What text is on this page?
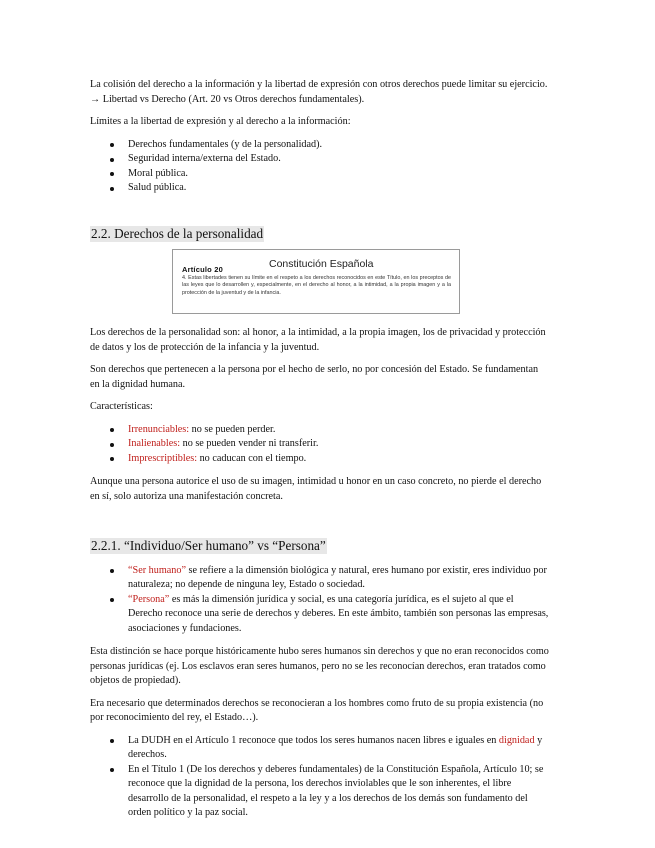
La colisión del derecho a la información y la libertad de expresión con otros derechos puede limitar su ejercicio. → Libertad vs Derecho (Art. 20 vs Otros derechos fundamentales).

Límites a la libertad de expresión y al derecho a la información:

Derechos fundamentales (y de la personalidad).
Seguridad interna/externa del Estado.
Moral pública.
Salud pública.
2.2. Derechos de la personalidad
Artículo 20	Constitución Española
4. Estas libertades tienen su límite en el respeto a los derechos reconocidos en este Título, en los preceptos de las leyes que lo desarrollen y, especialmente, en el derecho al honor, a la intimidad, a la propia imagen y a la protección de la juventud y de la infancia.

Los derechos de la personalidad son: al honor, a la intimidad, a la propia imagen, los de privacidad y protección de datos y los de protección de la infancia y la juventud.

Son derechos que pertenecen a la persona por el hecho de serlo, no por concesión del Estado. Se fundamentan en la dignidad humana.

Características:

Irrenunciables: no se pueden perder.
Inalienables: no se pueden vender ni transferir.
Imprescriptibles: no caducan con el tiempo.

Aunque una persona autorice el uso de su imagen, intimidad u honor en un caso concreto, no pierde el derecho en sí, solo autoriza una manifestación concreta.

2.2.1. “Individuo/Ser humano” vs “Persona”
“Ser humano” se refiere a la dimensión biológica y natural, eres humano por existir, eres individuo por naturaleza; no depende de ninguna ley, Estado o sociedad.
“Persona” es más la dimensión jurídica y social, es una categoría jurídica, es el sujeto al que el Derecho reconoce una serie de derechos y deberes. En este ámbito, también son personas las empresas, asociaciones y fundaciones.

Esta distinción se hace porque históricamente hubo seres humanos sin derechos y que no eran reconocidos como personas jurídicas (ej. Los esclavos eran seres humanos, pero no se les reconocían derechos, eran tratados como objetos de propiedad).

Era necesario que determinados derechos se reconocieran a los hombres como fruto de su propia existencia (no por reconocimiento del rey, el Estado…).

La DUDH en el Artículo 1 reconoce que todos los seres humanos nacen libres e iguales en dignidad y derechos.
En el Título 1 (De los derechos y deberes fundamentales) de la Constitución Española, Artículo 10; se reconoce que la dignidad de la persona, los derechos inviolables que le son inherentes, el libre desarrollo de la personalidad, el respeto a la ley y a los derechos de los demás son fundamento del orden político y la paz social.
